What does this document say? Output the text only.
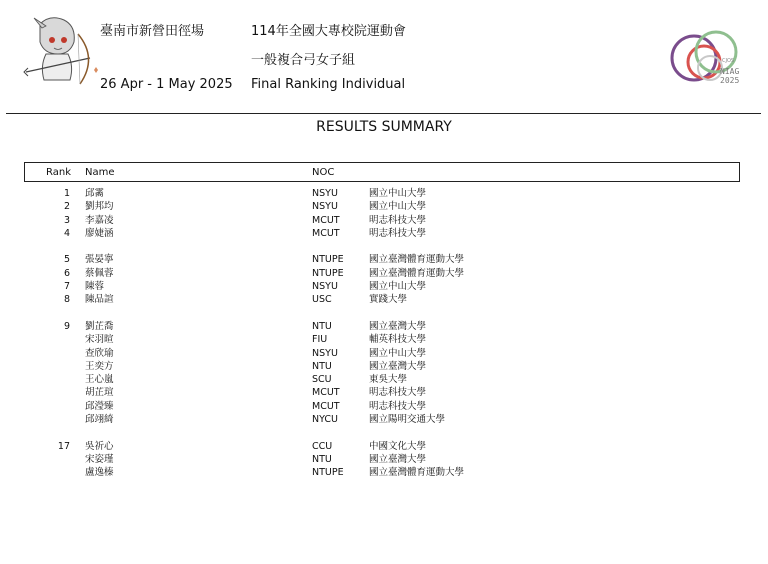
臺南市新營田徑場
26 Apr - 1 May 2025
114年全國大專校院運動會
一般複合弓女子組
Final Ranking Individual
CJOS
NIAG
2025
RESULTS SUMMARY
Rank Name	NOC
1 邱霱	NSYU	國立中山大學
2 劉邦均	NSYU	國立中山大學
3 李嘉凌	MCUT	明志科技大學
4 廖婕涵	MCUT	明志科技大學
5 張晏寧	NTUPE	國立臺灣體育運動大學
6 蔡佩蓉	NTUPE	國立臺灣體育運動大學
7 陳蓉	NSYU	國立中山大學
8 陳品諠	USC	實踐大學
9 劉芷喬	NTU	國立臺灣大學
宋羽暄	FIU	輔英科技大學
查欣瑜	NSYU	國立中山大學
王奕方	NTU	國立臺灣大學
王心嵐	SCU	東吳大學
胡芷瑄	MCUT	明志科技大學
邱瀅臻	MCUT	明志科技大學
邱翊綺	NYCU	國立陽明交通大學
17 吳祈心	CCU	中國文化大學
宋姿瑾	NTU	國立臺灣大學
盧逸榛	NTUPE	國立臺灣體育運動大學
